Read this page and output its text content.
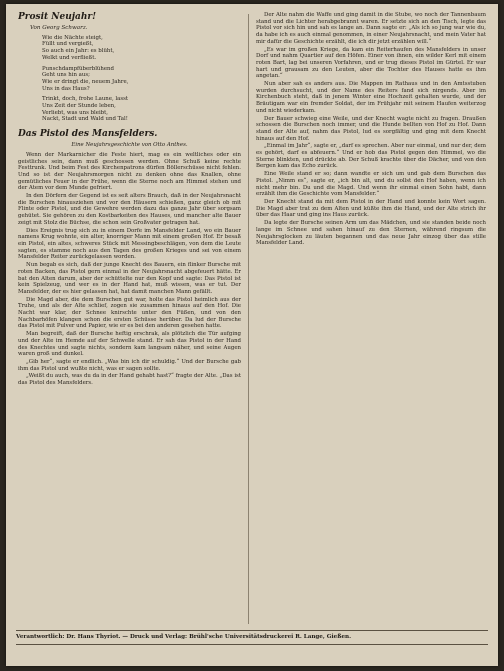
Prosit Neujahr!
Von Georg Schwarz.
Wie die Nächte steigt,
Füllt und vergießt,
So auch ein Jahr: es blüht,
Welkt und verfließt.
Punschdampfüberblühend
Geht uns hin aus;
Wie er dringt die, neuem Jahre,
Uns in das Haus?
Trinkt, doch, frohe Laune, lasst
Uns Zeit der Stunde leben,
Verliebt, was uns bleibt,
Nackt, Stadt und Wald und Tal!
Das Pistol des Mansfelders.
Eine Neujahrsgeschichte von Otto Anthes.

Wenn der Markarnicher die Feste hiert, mag es ein weltliches oder ein geistliches sein, dann muß geschossen werden. Ohne Schuß keine rechte Festtrunk. Und beim Fest des Kirchenpatrons dürfen Böllerschüsse nicht fehlen. Und so ist der Neujahrsmorgen nicht zu denken ohne das Knallen, ohne gemütliches Feuer in der Frühe, wenn die Sterne noch am Himmel stehen und der Atem vor dem Munde gefriert.

In den Dörfern der Gegend ist es seit alters Brauch, daß in der Neujahrsnacht die Burschen hinausziehen und vor den Häusern schießen, ganz gleich ob mit Flinte oder Pistol, und die Gewehre werden dazu das ganze Jahr über sorgsam gehütet. Sie gehören zu den Kostbarkeiten des Hauses, und mancher alte Bauer zeigt mit Stolz die Büchse, die schon sein Großvater getragen hat.

Dies Ereignis trug sich zu in einem Dorfe im Mansfelder Land, wo ein Bauer namens Krug wohnte, ein alter, knorriger Mann mit einem großen Hof. Er besaß ein Pistol, ein altes, schweres Stück mit Messingbeschlägen, von dem die Leute sagten, es stamme noch aus den Tagen des großen Krieges und sei von einem Mansfelder Reiter zurückgelassen worden.

Nun begab es sich, daß der junge Knecht des Bauern, ein flinker Bursche mit roten Backen, das Pistol gern einmal in der Neujahrsnacht abgefeuert hätte. Er bat den Alten darum, aber der schüttelte nur den Kopf und sagte: Das Pistol ist kein Spielzeug, und wer es in der Hand hat, muß wissen, was er tut. Der Mansfelder, der es hier gelassen hat, hat damit manchen Mann gefällt.

Die Magd aber, die dem Burschen gut war, holte das Pistol heimlich aus der Truhe, und als der Alte schlief, zogen sie zusammen hinaus auf den Hof. Die Nacht war klar, der Schnee knirschte unter den Füßen, und von den Nachbarhöfen klangen schon die ersten Schüsse herüber. Da lud der Bursche das Pistol mit Pulver und Papier, wie er es bei den anderen gesehen hatte.

Man begreift, daß der Bursche heftig erschrak, als plötzlich die Tür aufging und der Alte im Hemde auf der Schwelle stand. Er sah das Pistol in der Hand des Knechtes und sagte nichts, sondern kam langsam näher, und seine Augen waren groß und dunkel.

„Gib her“, sagte er endlich. „Was bin ich dir schuldig.“ Und der Bursche gab ihm das Pistol und wußte nicht, was er sagen sollte.

„Weißt du auch, was du da in der Hand gehabt hast?“ fragte der Alte. „Das ist das Pistol des Mansfelders.

Der Alte nahm die Waffe und ging damit in die Stube, wo noch der Tannenbaum stand und die Lichter herabgebrannt waren. Er setzte sich an den Tisch, legte das Pistol vor sich hin und sah es lange an. Dann sagte er: „Als ich so jung war wie du, da habe ich es auch einmal genommen, in einer Neujahrsnacht, und mein Vater hat mir dafür die Geschichte erzählt, die ich dir jetzt erzählen will.“

„Es war im großen Kriege, da kam ein Reiterhaufen des Mansfelders in unser Dorf und nahm Quartier auf den Höfen. Einer von ihnen, ein wilder Kerl mit einem roten Bart, lag bei unseren Vorfahren, und er trug dieses Pistol im Gürtel. Er war hart und grausam zu den Leuten, aber die Tochter des Hauses hatte es ihm angetan.“

Nun aber sah es anders aus. Die Mappen im Rathaus und in den Amtsstuben wurden durchsucht, und der Name des Reiters fand sich nirgends. Aber im Kirchenbuch steht, daß in jenem Winter eine Hochzeit gehalten wurde, und der Bräutigam war ein fremder Soldat, der im Frühjahr mit seinem Haufen weiterzog und nicht wiederkam.

Der Bauer schwieg eine Weile, und der Knecht wagte nicht zu fragen. Draußen schossen die Burschen noch immer, und die Hunde bellten von Hof zu Hof. Dann stand der Alte auf, nahm das Pistol, lud es sorgfältig und ging mit dem Knecht hinaus auf den Hof.

„Einmal im Jahr“, sagte er, „darf es sprechen. Aber nur einmal, und nur der, dem es gehört, darf es abfeuern.“ Und er hob das Pistol gegen den Himmel, wo die Sterne blinkten, und drückte ab. Der Schuß krachte über die Dächer, und von den Bergen kam das Echo zurück.

Eine Weile stand er so; dann wandte er sich um und gab dem Burschen das Pistol. „Nimm es“, sagte er, „ich bin alt, und du sollst den Hof haben, wenn ich nicht mehr bin. Du und die Magd. Und wenn ihr einmal einen Sohn habt, dann erzählt ihm die Geschichte vom Mansfelder.“

Der Knecht stand da mit dem Pistol in der Hand und konnte kein Wort sagen. Die Magd aber trat zu dem Alten und küßte ihm die Hand, und der Alte strich ihr über das Haar und ging ins Haus zurück.

Da legte der Bursche seinen Arm um das Mädchen, und sie standen beide noch lange im Schnee und sahen hinauf zu den Sternen, während ringsum die Neujahrsglocken zu läuten begannen und das neue Jahr einzog über das stille Mansfelder Land.

Verantwortlich: Dr. Hans Thyriot. — Druck und Verlag: Brühl'sche Universitätsdruckerei R. Lange, Gießen.
